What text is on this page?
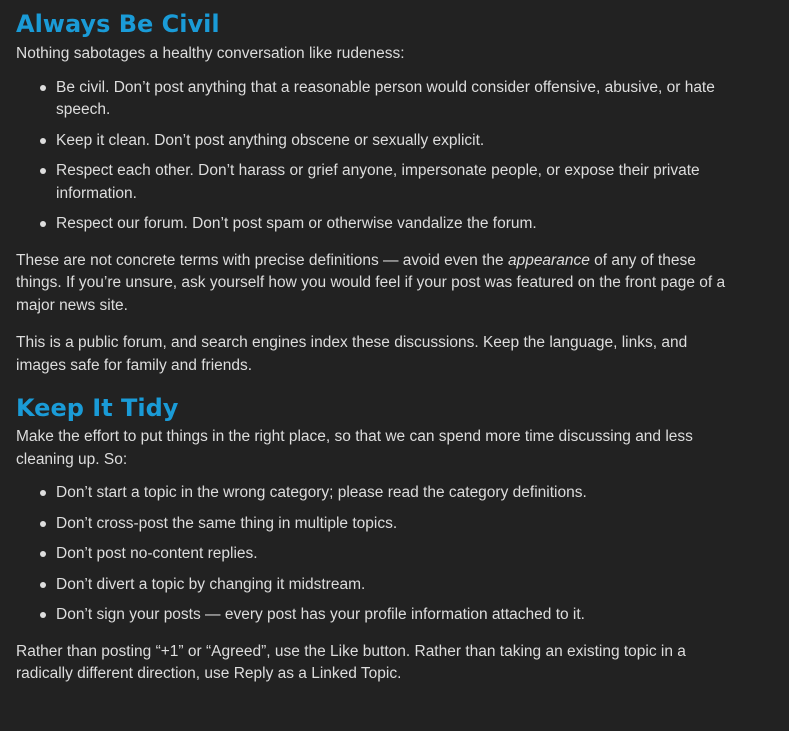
Always Be Civil

Nothing sabotages a healthy conversation like rudeness:

Be civil. Don’t post anything that a reasonable person would consider offensive, abusive, or hate speech.
Keep it clean. Don’t post anything obscene or sexually explicit.
Respect each other. Don’t harass or grief anyone, impersonate people, or expose their private information.
Respect our forum. Don’t post spam or otherwise vandalize the forum.

These are not concrete terms with precise definitions — avoid even the appearance of any of these things. If you’re unsure, ask yourself how you would feel if your post was featured on the front page of a major news site.

This is a public forum, and search engines index these discussions. Keep the language, links, and images safe for family and friends.

Keep It Tidy

Make the effort to put things in the right place, so that we can spend more time discussing and less cleaning up. So:

Don’t start a topic in the wrong category; please read the category definitions.
Don’t cross-post the same thing in multiple topics.
Don’t post no-content replies.
Don’t divert a topic by changing it midstream.
Don’t sign your posts — every post has your profile information attached to it.

Rather than posting “+1” or “Agreed”, use the Like button. Rather than taking an existing topic in a radically different direction, use Reply as a Linked Topic.
